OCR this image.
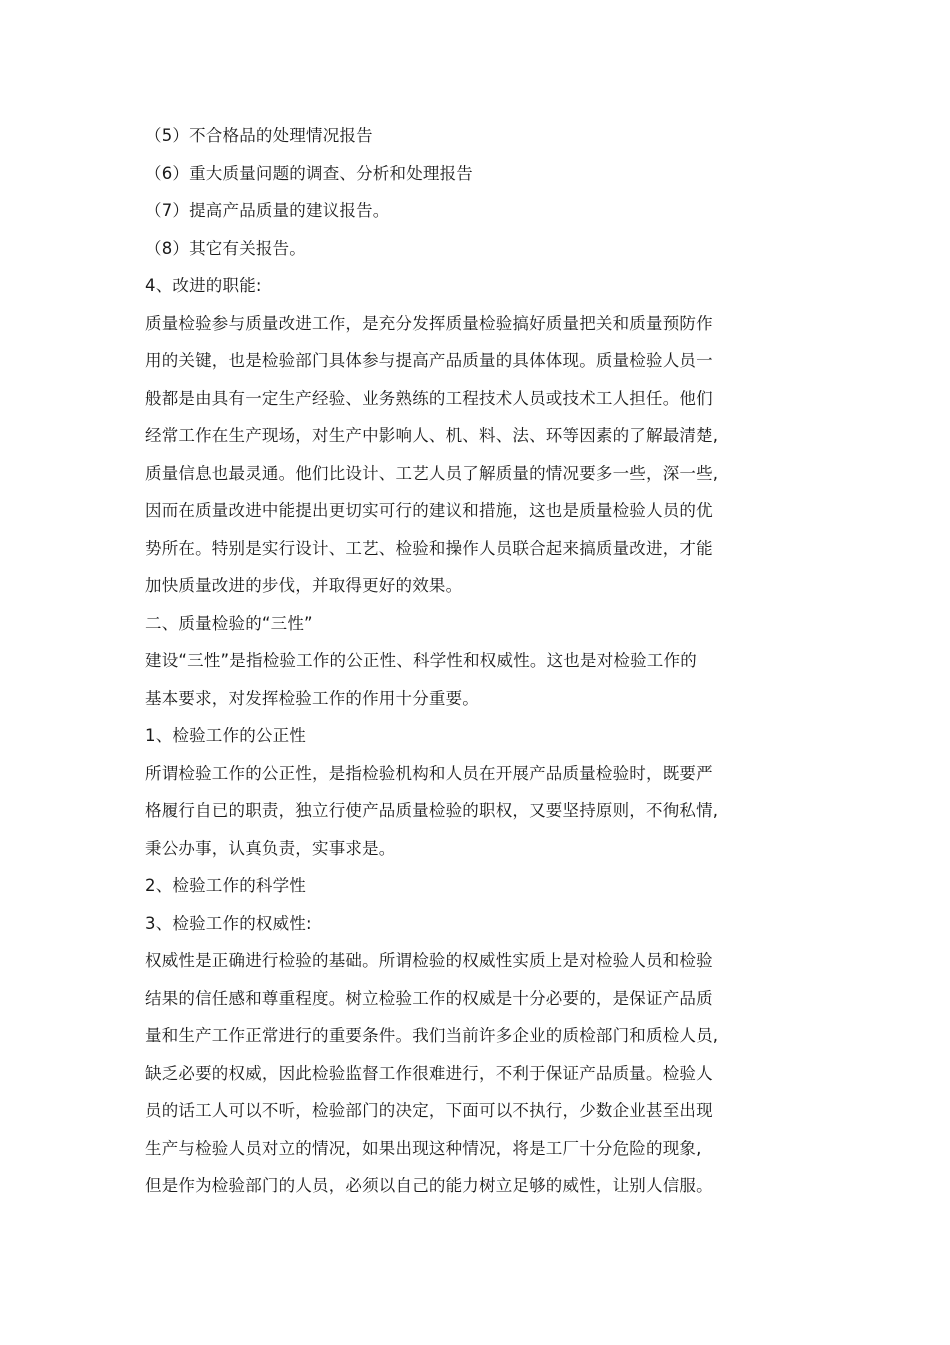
（5）不合格品的处理情况报告
（6）重大质量问题的调查、分析和处理报告
（7）提高产品质量的建议报告。
（8）其它有关报告。
4、改进的职能:
质量检验参与质量改进工作，是充分发挥质量检验搞好质量把关和质量预防作
用的关键，也是检验部门具体参与提高产品质量的具体体现。质量检验人员一
般都是由具有一定生产经验、业务熟练的工程技术人员或技术工人担任。他们
经常工作在生产现场，对生产中影响人、机、料、法、环等因素的了解最清楚,
质量信息也最灵通。他们比设计、工艺人员了解质量的情况要多一些，深一些,
因而在质量改进中能提出更切实可行的建议和措施，这也是质量检验人员的优
势所在。特别是实行设计、工艺、检验和操作人员联合起来搞质量改进，才能
加快质量改进的步伐，并取得更好的效果。
二、质量检验的“三性”
建设“三性”是指检验工作的公正性、科学性和权威性。这也是对检验工作的
基本要求，对发挥检验工作的作用十分重要。
1、检验工作的公正性
所谓检验工作的公正性，是指检验机构和人员在开展产品质量检验时，既要严
格履行自已的职责，独立行使产品质量检验的职权，又要坚持原则，不徇私情,
秉公办事，认真负责，实事求是。
2、检验工作的科学性
3、检验工作的权威性:
权威性是正确进行检验的基础。所谓检验的权威性实质上是对检验人员和检验
结果的信任感和尊重程度。树立检验工作的权威是十分必要的，是保证产品质
量和生产工作正常进行的重要条件。我们当前许多企业的质检部门和质检人员,
缺乏必要的权威，因此检验监督工作很难进行，不利于保证产品质量。检验人
员的话工人可以不听，检验部门的决定，下面可以不执行，少数企业甚至出现
生产与检验人员对立的情况，如果出现这种情况，将是工厂十分危险的现象,
但是作为检验部门的人员，必须以自己的能力树立足够的威性，让别人信服。
